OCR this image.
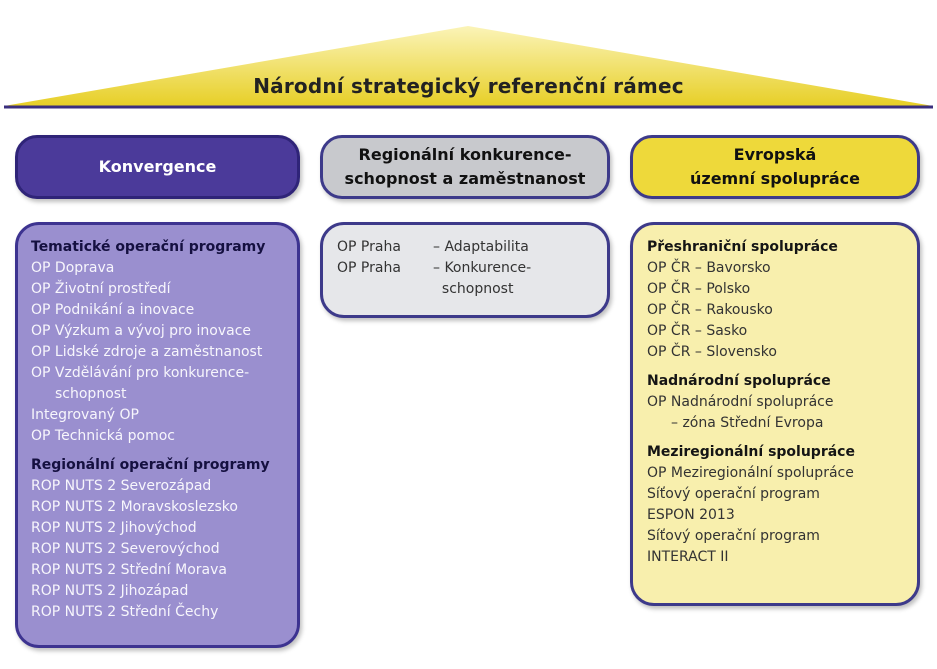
Národní strategický referenční rámec
Konvergence
Regionální konkurence-
schopnost a zaměstnanost
Evropská
územní spolupráce
Tematické operační programy
OP Doprava
OP Životní prostředí
OP Podnikání a inovace
OP Výzkum a vývoj pro inovace
OP Lidské zdroje a zaměstnanost
OP Vzdělávání pro konkurence-
schopnost
Integrovaný OP
OP Technická pomoc
Regionální operační programy
ROP NUTS 2 Severozápad
ROP NUTS 2 Moravskoslezsko
ROP NUTS 2 Jihovýchod
ROP NUTS 2 Severovýchod
ROP NUTS 2 Střední Morava
ROP NUTS 2 Jihozápad
ROP NUTS 2 Střední Čechy
OP Praha	– Adaptabilita
OP Praha	– Konkurence-
schopnost
Přeshraniční spolupráce
OP ČR – Bavorsko
OP ČR – Polsko
OP ČR – Rakousko
OP ČR – Sasko
OP ČR – Slovensko
Nadnárodní spolupráce
OP Nadnárodní spolupráce
– zóna Střední Evropa
Meziregionální spolupráce
OP Meziregionální spolupráce
Síťový operační program
ESPON 2013
Síťový operační program
INTERACT II
